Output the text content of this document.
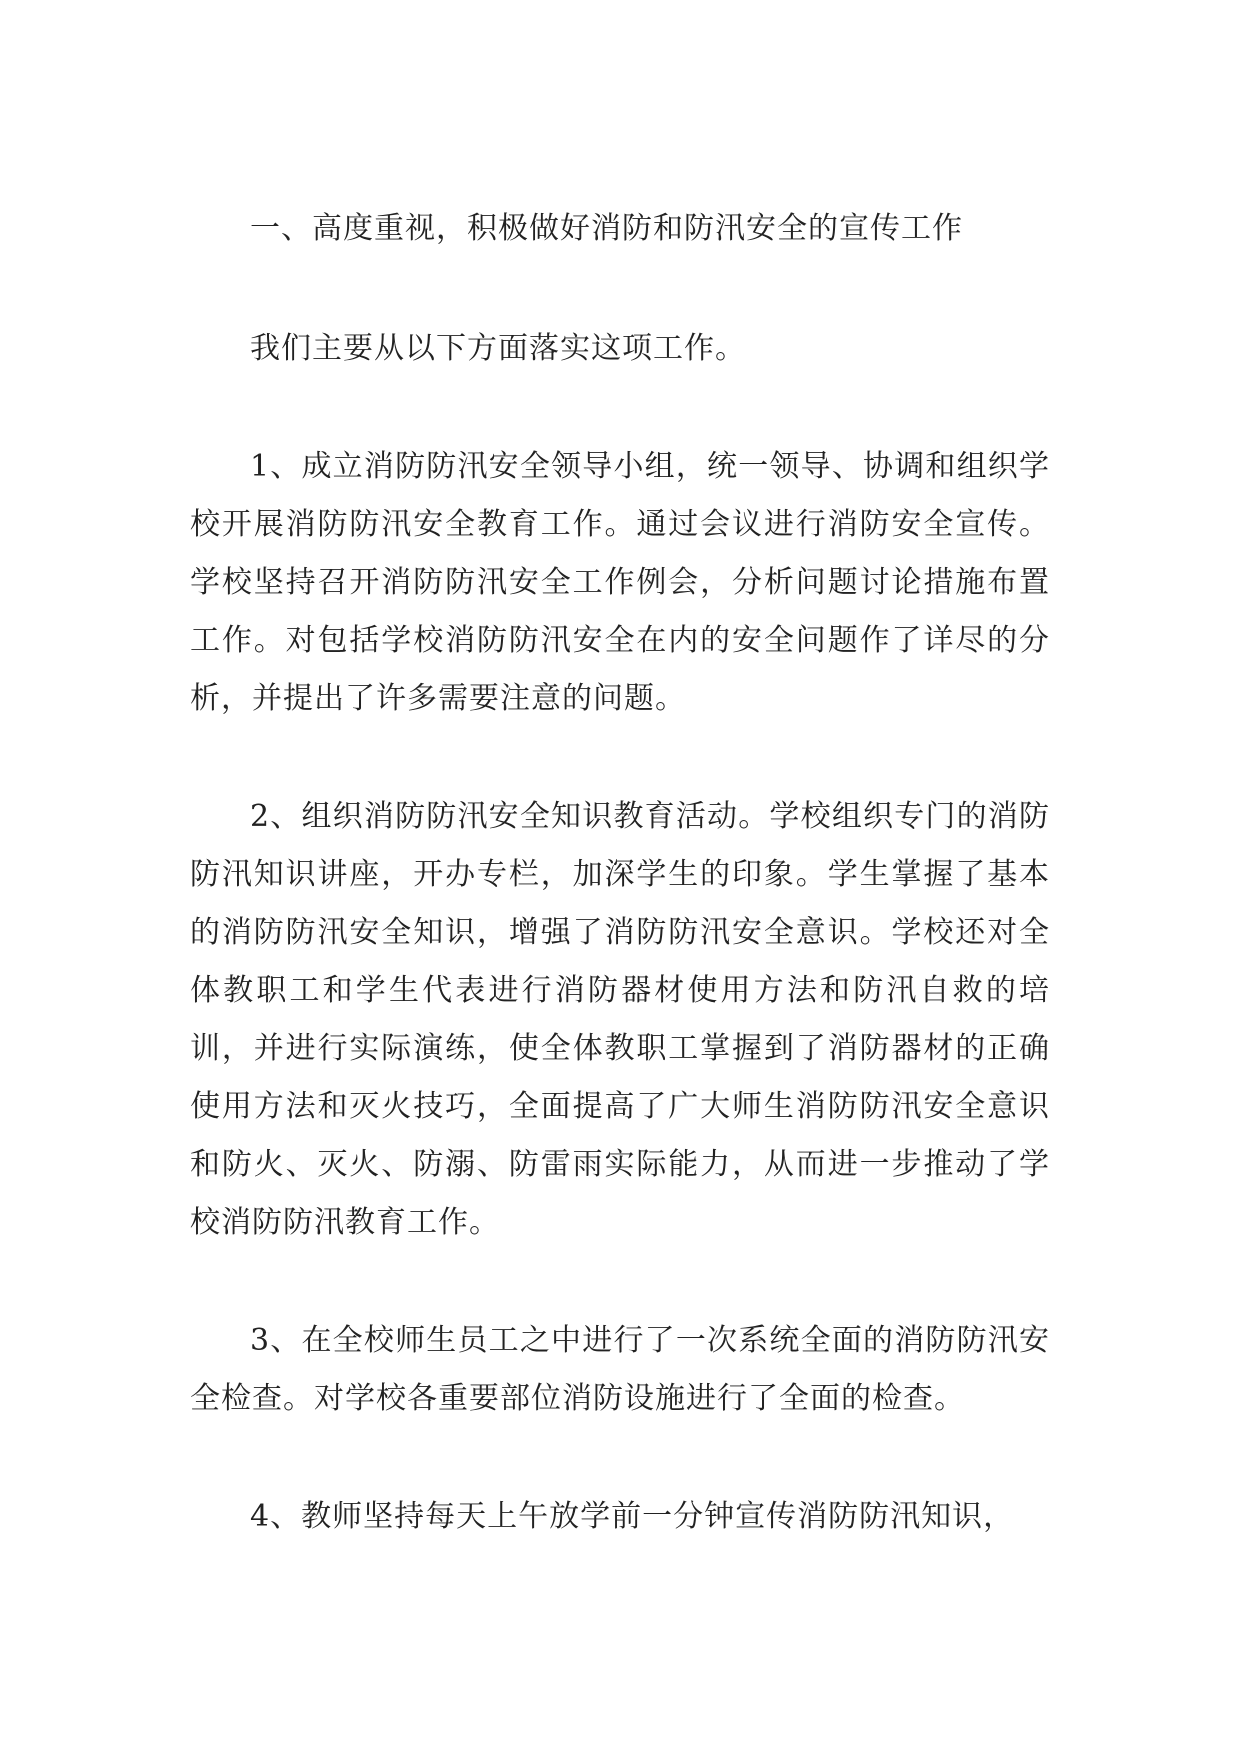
一、高度重视，积极做好消防和防汛安全的宣传工作

我们主要从以下方面落实这项工作。

1、成立消防防汛安全领导小组，统一领导、协调和组织学校开展消防防汛安全教育工作。通过会议进行消防安全宣传。学校坚持召开消防防汛安全工作例会，分析问题讨论措施布置工作。对包括学校消防防汛安全在内的安全问题作了详尽的分析，并提出了许多需要注意的问题。

2、组织消防防汛安全知识教育活动。学校组织专门的消防防汛知识讲座，开办专栏，加深学生的印象。学生掌握了基本的消防防汛安全知识，增强了消防防汛安全意识。学校还对全体教职工和学生代表进行消防器材使用方法和防汛自救的培训，并进行实际演练，使全体教职工掌握到了消防器材的正确使用方法和灭火技巧，全面提高了广大师生消防防汛安全意识和防火、灭火、防溺、防雷雨实际能力，从而进一步推动了学校消防防汛教育工作。

3、在全校师生员工之中进行了一次系统全面的消防防汛安全检查。对学校各重要部位消防设施进行了全面的检查。

4、教师坚持每天上午放学前一分钟宣传消防防汛知识，
